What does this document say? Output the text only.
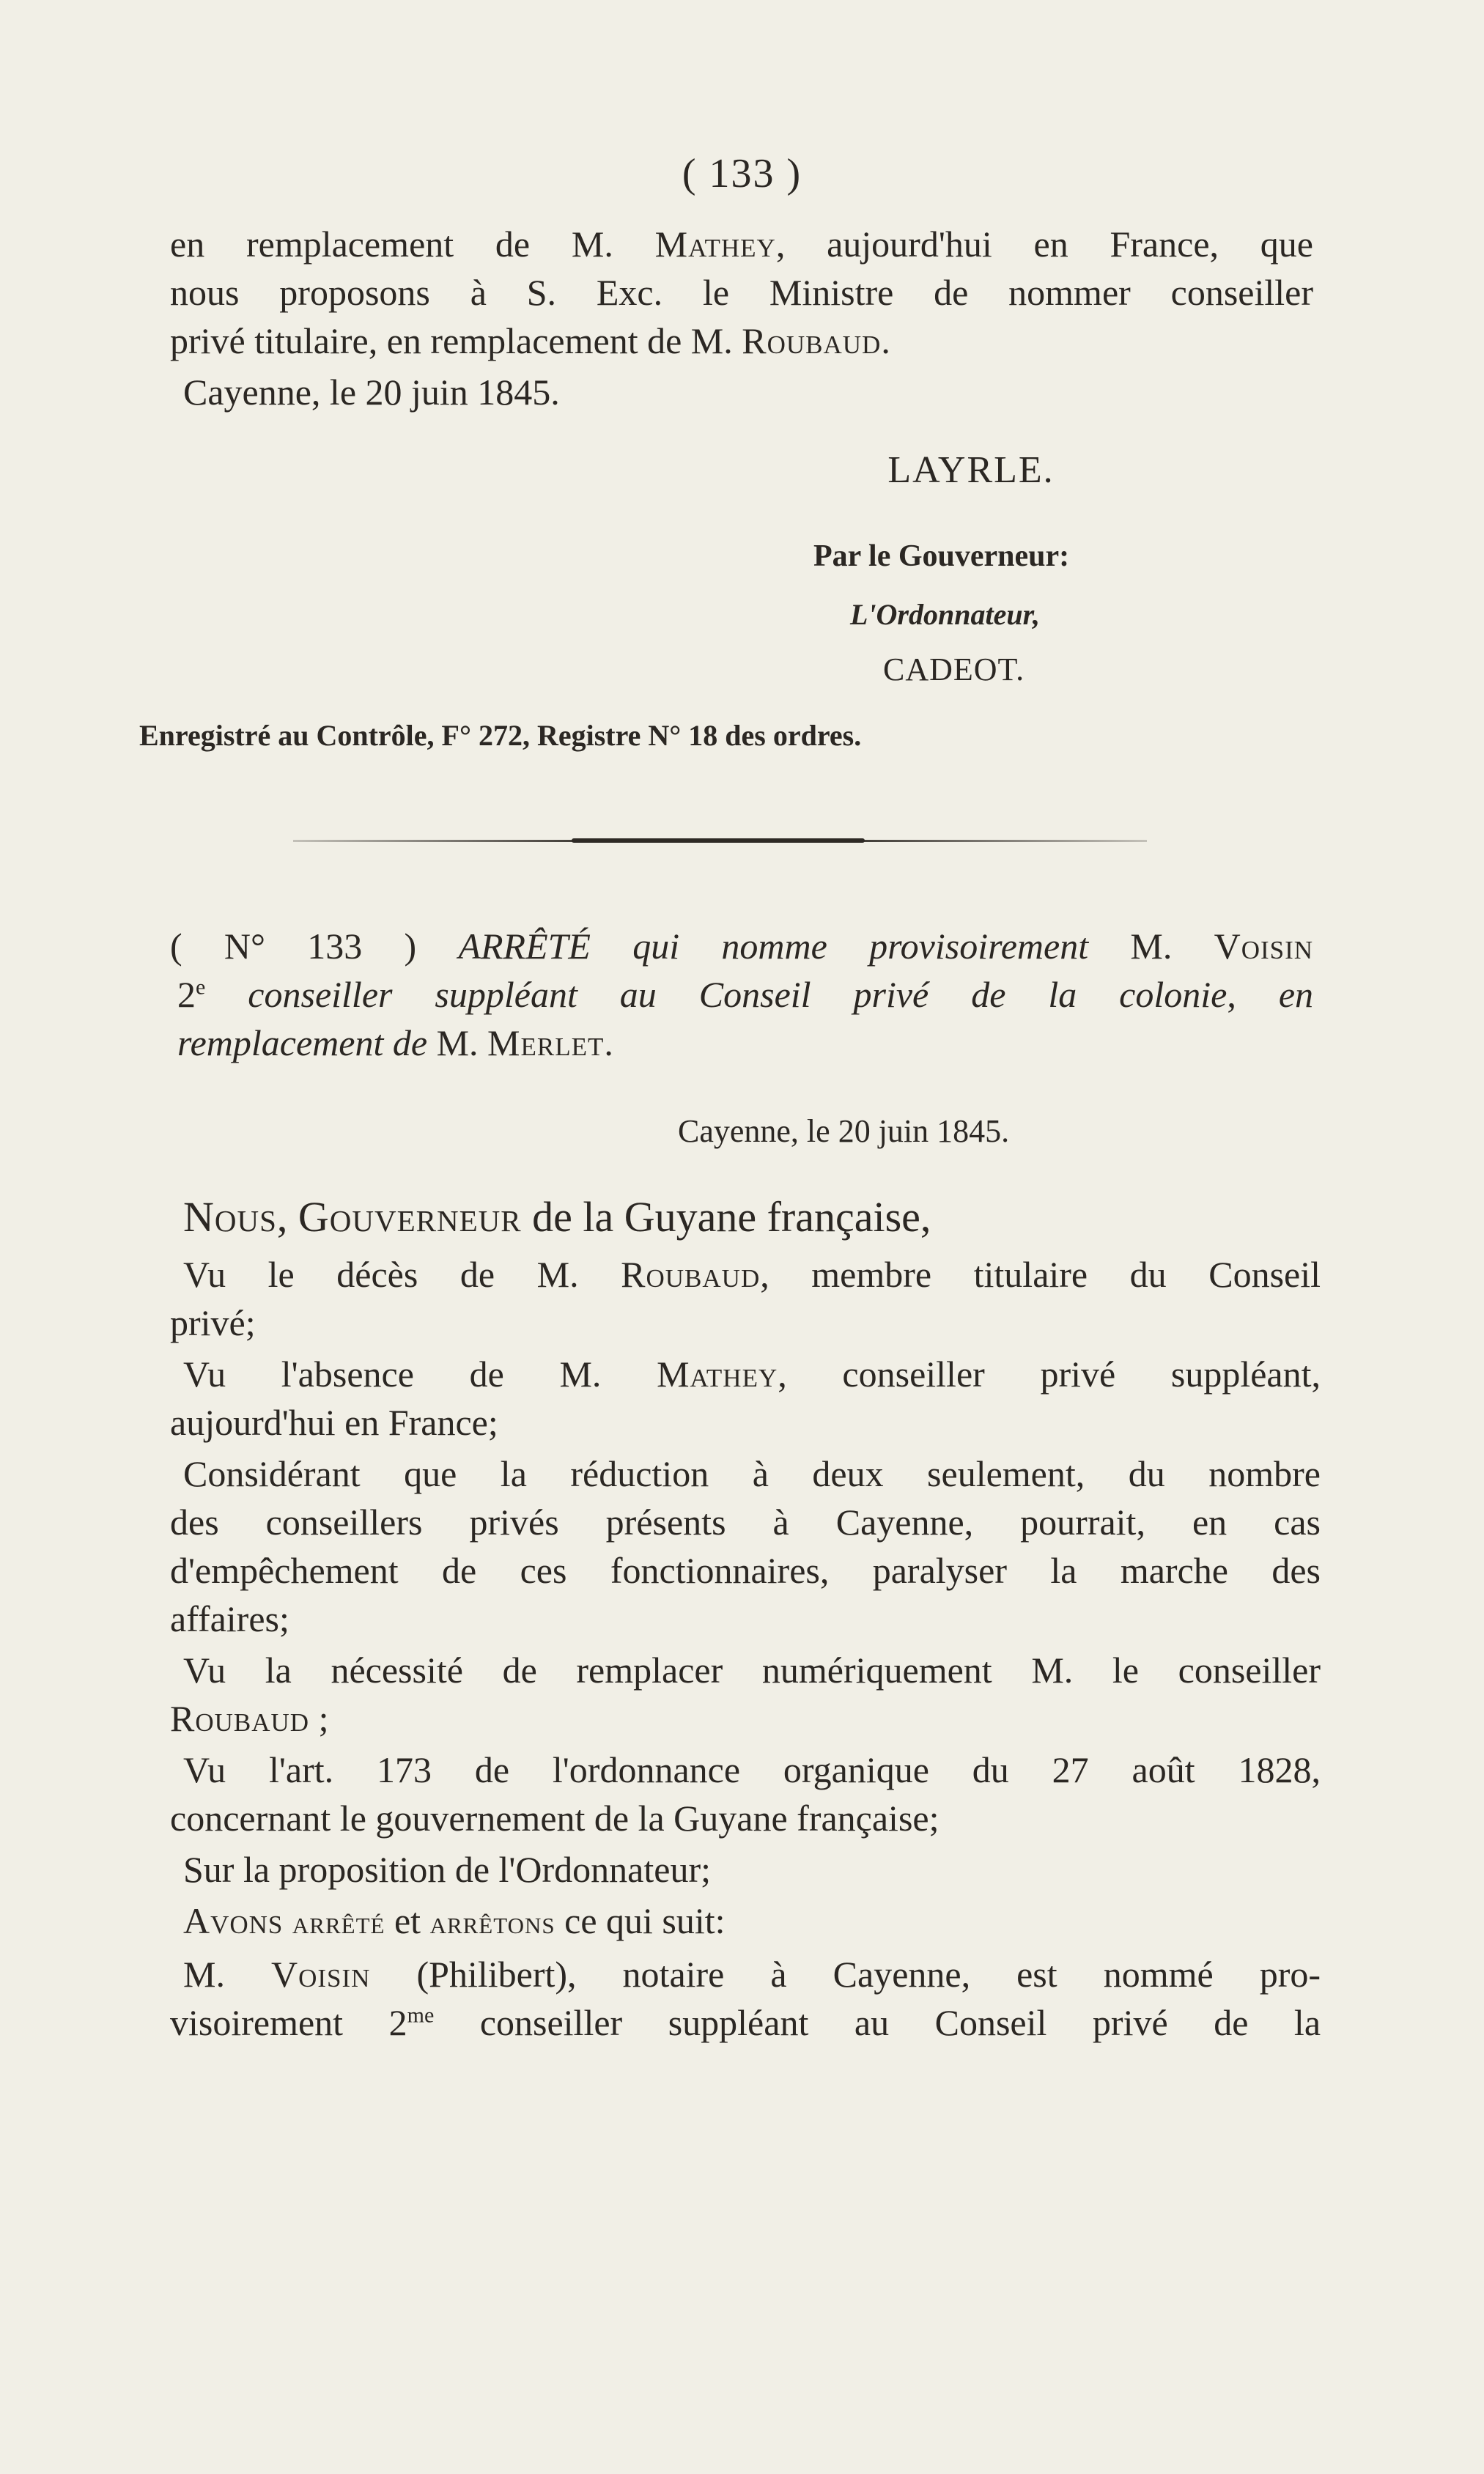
( 133 )
en remplacement de M. Mathey, aujourd'hui en France, que
nous proposons à S. Exc. le Ministre de nommer conseiller
privé titulaire, en remplacement de M. Roubaud.
Cayenne, le 20 juin 1845.
LAYRLE.
Par le Gouverneur:
L'Ordonnateur,
CADEOT.
Enregistré au Contrôle, F° 272, Registre N° 18 des ordres.
( N° 133 ) ARRÊTÉ qui nomme provisoirement M. Voisin
2e conseiller suppléant au Conseil privé de la colonie, en
remplacement de M. Merlet.
Cayenne, le 20 juin 1845.
Nous, Gouverneur de la Guyane française,
Vu le décès de M. Roubaud, membre titulaire du Conseil
privé;
Vu l'absence de M. Mathey, conseiller privé suppléant,
aujourd'hui en France;
Considérant que la réduction à deux seulement, du nombre
des conseillers privés présents à Cayenne, pourrait, en cas
d'empêchement de ces fonctionnaires, paralyser la marche des
affaires;
Vu la nécessité de remplacer numériquement M. le conseiller
Roubaud ;
Vu l'art. 173 de l'ordonnance organique du 27 août 1828,
concernant le gouvernement de la Guyane française;
Sur la proposition de l'Ordonnateur;
Avons arrêté et arrêtons ce qui suit:
M. Voisin (Philibert), notaire à Cayenne, est nommé pro-
visoirement $2^{me}$ conseiller suppléant au Conseil privé de la
